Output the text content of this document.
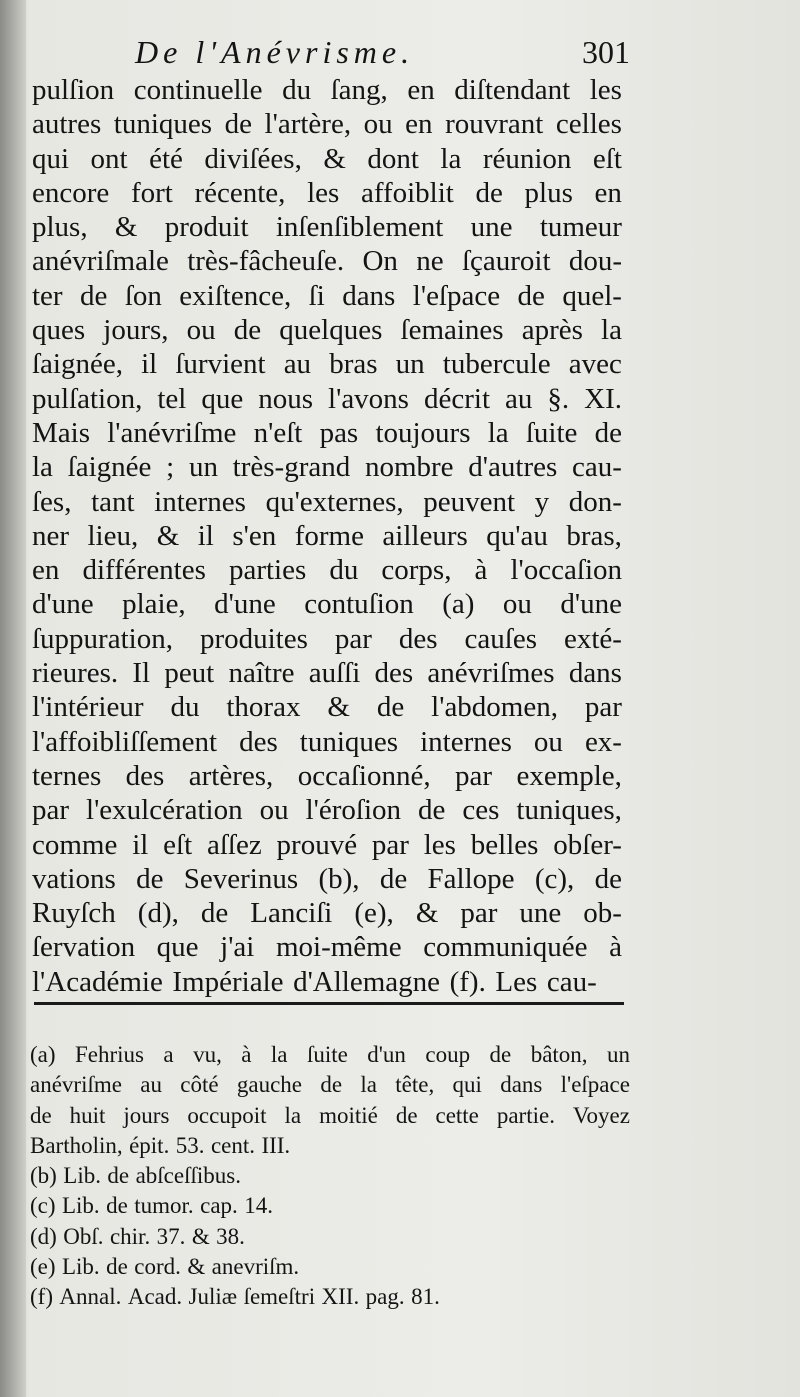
De l'Anévrisme.	301
pulſion continuelle du ſang, en diſtendant les
autres tuniques de l'artère, ou en rouvrant celles
qui ont été diviſées, & dont la réunion eſt
encore fort récente, les affoiblit de plus en
plus, & produit inſenſiblement une tumeur
anévriſmale très-fâcheuſe. On ne ſçauroit dou-
ter de ſon exiſtence, ſi dans l'eſpace de quel-
ques jours, ou de quelques ſemaines après la
ſaignée, il ſurvient au bras un tubercule avec
pulſation, tel que nous l'avons décrit au §. XI.
Mais l'anévriſme n'eſt pas toujours la ſuite de
la ſaignée ; un très-grand nombre d'autres cau-
ſes, tant internes qu'externes, peuvent y don-
ner lieu, & il s'en forme ailleurs qu'au bras,
en différentes parties du corps, à l'occaſion
d'une plaie, d'une contuſion (a) ou d'une
ſuppuration, produites par des cauſes exté-
rieures. Il peut naître auſſi des anévriſmes dans
l'intérieur du thorax & de l'abdomen, par
l'affoibliſſement des tuniques internes ou ex-
ternes des artères, occaſionné, par exemple,
par l'exulcération ou l'éroſion de ces tuniques,
comme il eſt aſſez prouvé par les belles obſer-
vations de Severinus (b), de Fallope (c), de
Ruyſch (d), de Lanciſi (e), & par une ob-
ſervation que j'ai moi-même communiquée à
l'Académie Impériale d'Allemagne (f). Les cau-
(a) Fehrius a vu, à la ſuite d'un coup de bâton, un
anévriſme au côté gauche de la tête, qui dans l'eſpace
de huit jours occupoit la moitié de cette partie. Voyez
Bartholin, épit. 53. cent. III.
(b) Lib. de abſceſſibus.
(c) Lib. de tumor. cap. 14.
(d) Obſ. chir. 37. & 38.
(e) Lib. de cord. & anevriſm.
(f) Annal. Acad. Juliæ ſemeſtri XII. pag. 81.
